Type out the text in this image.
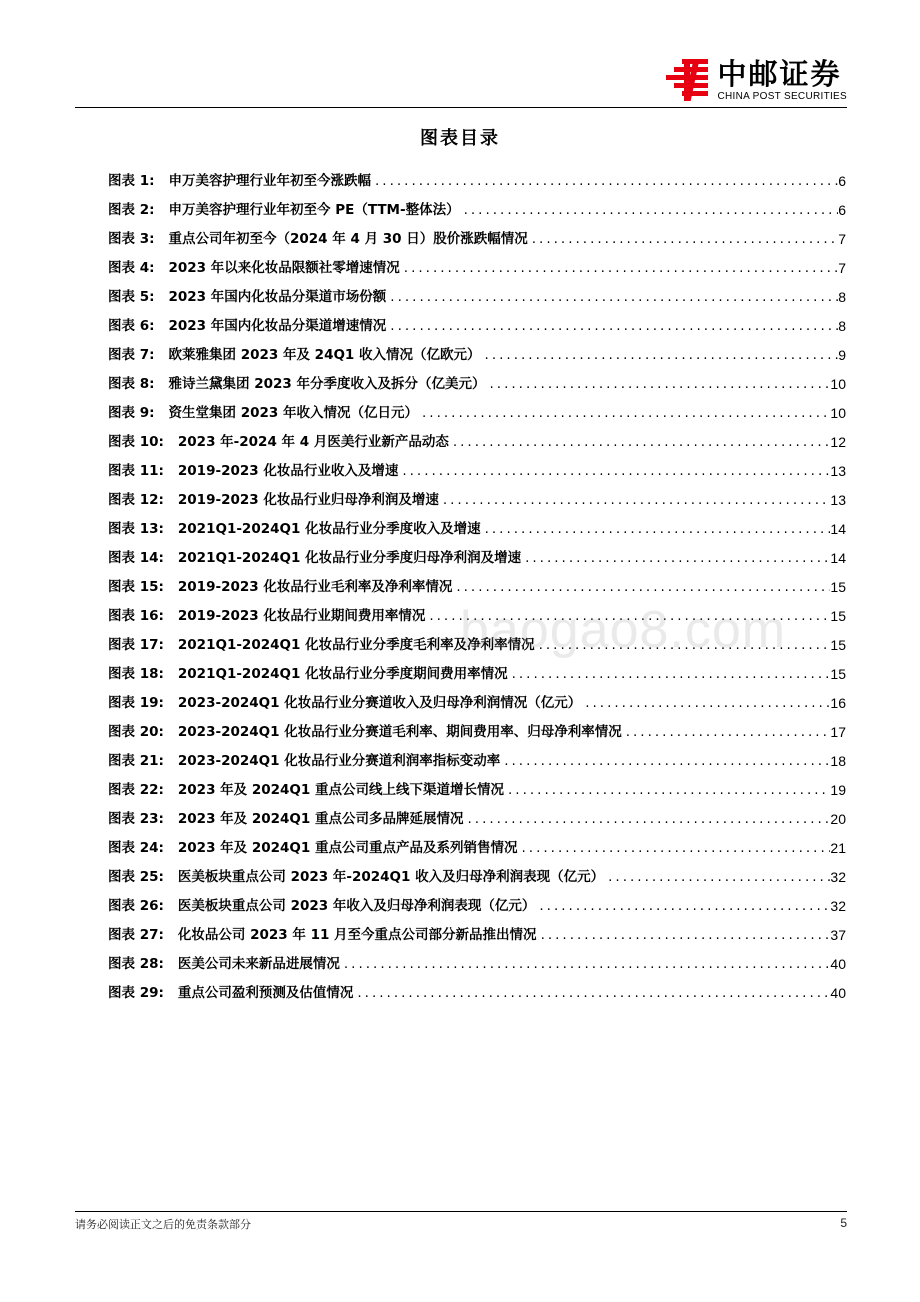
中邮证券
CHINA POST SECURITIES
图表目录
图表 1: 申万美容护理行业年初至今涨跌幅 .....	6
图表 2: 申万美容护理行业年初至今 PE（TTM-整体法） .....	6
图表 3: 重点公司年初至今（2024 年 4 月 30 日）股价涨跌幅情况 .....	7
图表 4: 2023 年以来化妆品限额社零增速情况 .....	7
图表 5: 2023 年国内化妆品分渠道市场份额 .....	8
图表 6: 2023 年国内化妆品分渠道增速情况 .....	8
图表 7: 欧莱雅集团 2023 年及 24Q1 收入情况（亿欧元） .....	9
图表 8: 雅诗兰黛集团 2023 年分季度收入及拆分（亿美元） .....	10
图表 9: 资生堂集团 2023 年收入情况（亿日元） .....	10
图表 10: 2023 年-2024 年 4 月医美行业新产品动态 .....	12
图表 11: 2019-2023 化妆品行业收入及增速 .....	13
图表 12: 2019-2023 化妆品行业归母净利润及增速 .....	13
图表 13: 2021Q1-2024Q1 化妆品行业分季度收入及增速 .....	14
图表 14: 2021Q1-2024Q1 化妆品行业分季度归母净利润及增速 .....	14
图表 15: 2019-2023 化妆品行业毛利率及净利率情况 .....	15
图表 16: 2019-2023 化妆品行业期间费用率情况 .....	15
图表 17: 2021Q1-2024Q1 化妆品行业分季度毛利率及净利率情况 .....	15
图表 18: 2021Q1-2024Q1 化妆品行业分季度期间费用率情况 .....	15
图表 19: 2023-2024Q1 化妆品行业分赛道收入及归母净利润情况（亿元） .....	16
图表 20: 2023-2024Q1 化妆品行业分赛道毛利率、期间费用率、归母净利率情况 .....	17
图表 21: 2023-2024Q1 化妆品行业分赛道利润率指标变动率 .....	18
图表 22: 2023 年及 2024Q1 重点公司线上线下渠道增长情况 .....	19
图表 23: 2023 年及 2024Q1 重点公司多品牌延展情况 .....	20
图表 24: 2023 年及 2024Q1 重点公司重点产品及系列销售情况 .....	21
图表 25: 医美板块重点公司 2023 年-2024Q1 收入及归母净利润表现（亿元） .....	32
图表 26: 医美板块重点公司 2023 年收入及归母净利润表现（亿元） .....	32
图表 27: 化妆品公司 2023 年 11 月至今重点公司部分新品推出情况 .....	37
图表 28: 医美公司未来新品进展情况 .....	40
图表 29: 重点公司盈利预测及估值情况 .....	40
baogao8.com
请务必阅读正文之后的免责条款部分	5
